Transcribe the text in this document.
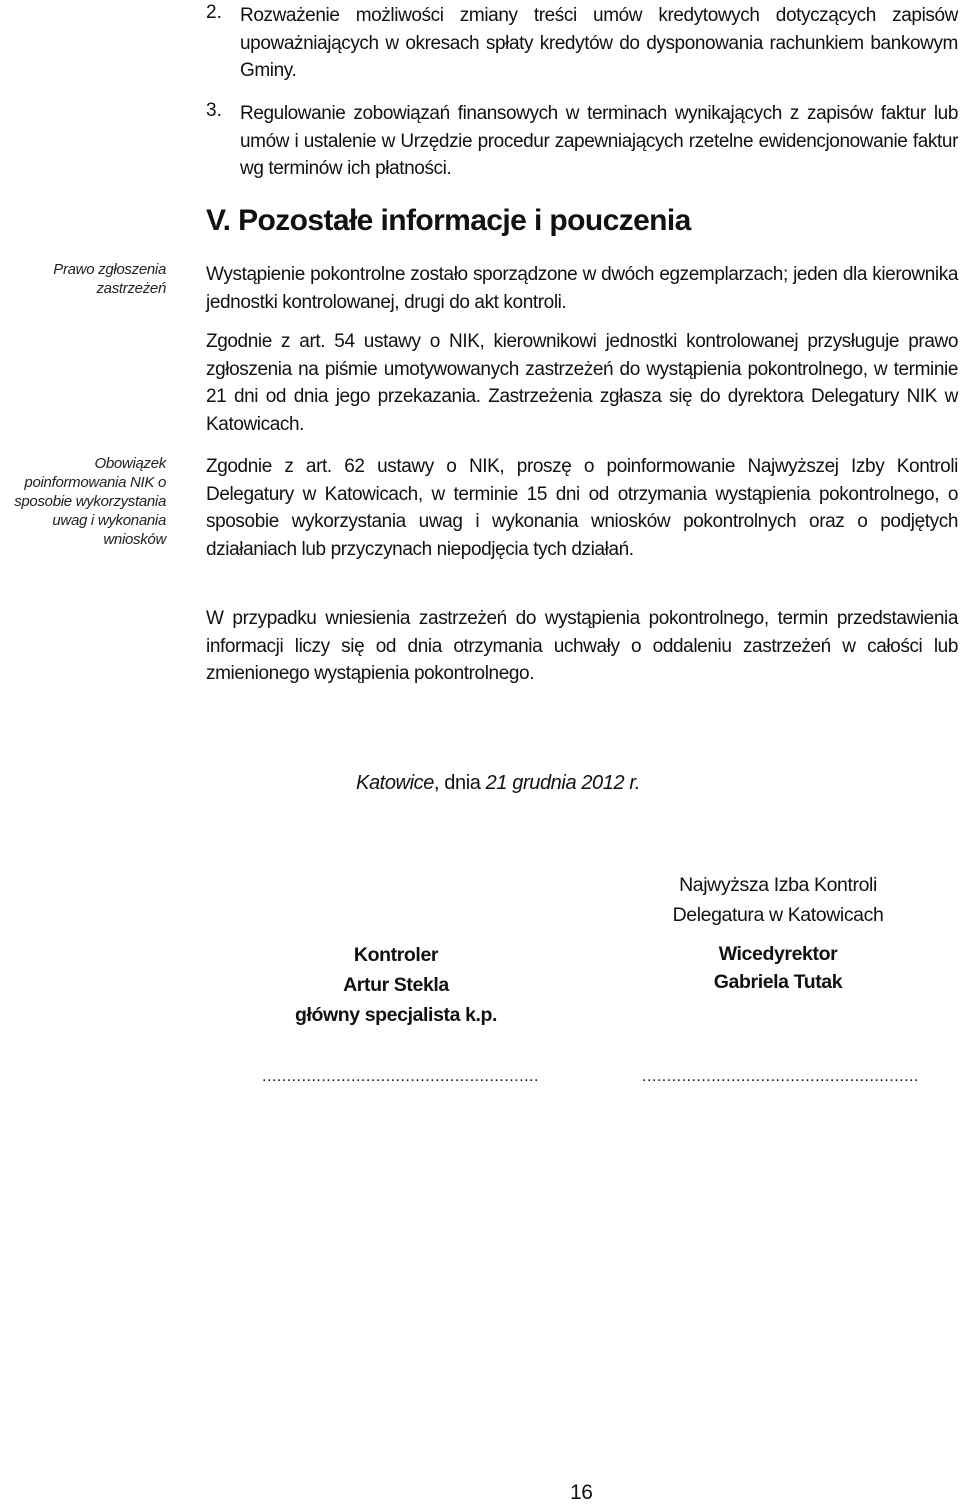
2. Rozważenie możliwości zmiany treści umów kredytowych dotyczących zapisów upoważniających w okresach spłaty kredytów do dysponowania rachunkiem bankowym Gminy.
3. Regulowanie zobowiązań finansowych w terminach wynikających z zapisów faktur lub umów i ustalenie w Urzędzie procedur zapewniających rzetelne ewidencjonowanie faktur wg terminów ich płatności.
V. Pozostałe informacje i pouczenia
Prawo zgłoszenia zastrzeżeń
Obowiązek poinformowania NIK o sposobie wykorzystania uwag i wykonania wniosków
Wystąpienie pokontrolne zostało sporządzone w dwóch egzemplarzach; jeden dla kierownika jednostki kontrolowanej, drugi do akt kontroli.
Zgodnie z art. 54 ustawy o NIK, kierownikowi jednostki kontrolowanej przysługuje prawo zgłoszenia na piśmie umotywowanych zastrzeżeń do wystąpienia pokontrolnego, w terminie 21 dni od dnia jego przekazania. Zastrzeżenia zgłasza się do dyrektora Delegatury NIK w Katowicach.
Zgodnie z art. 62 ustawy o NIK, proszę o poinformowanie Najwyższej Izby Kontroli Delegatury w Katowicach, w terminie 15 dni od otrzymania wystąpienia pokontrolnego, o sposobie wykorzystania uwag i wykonania wniosków pokontrolnych oraz o podjętych działaniach lub przyczynach niepodjęcia tych działań.
W przypadku wniesienia zastrzeżeń do wystąpienia pokontrolnego, termin przedstawienia informacji liczy się od dnia otrzymania uchwały o oddaleniu zastrzeżeń w całości lub zmienionego wystąpienia pokontrolnego.
Katowice, dnia 21 grudnia 2012 r.
Najwyższa Izba Kontroli
Delegatura w Katowicach
Kontroler
Artur Stekla
główny specjalista k.p.
Wicedyrektor
Gabriela Tutak
........................................................	........................................................
16
